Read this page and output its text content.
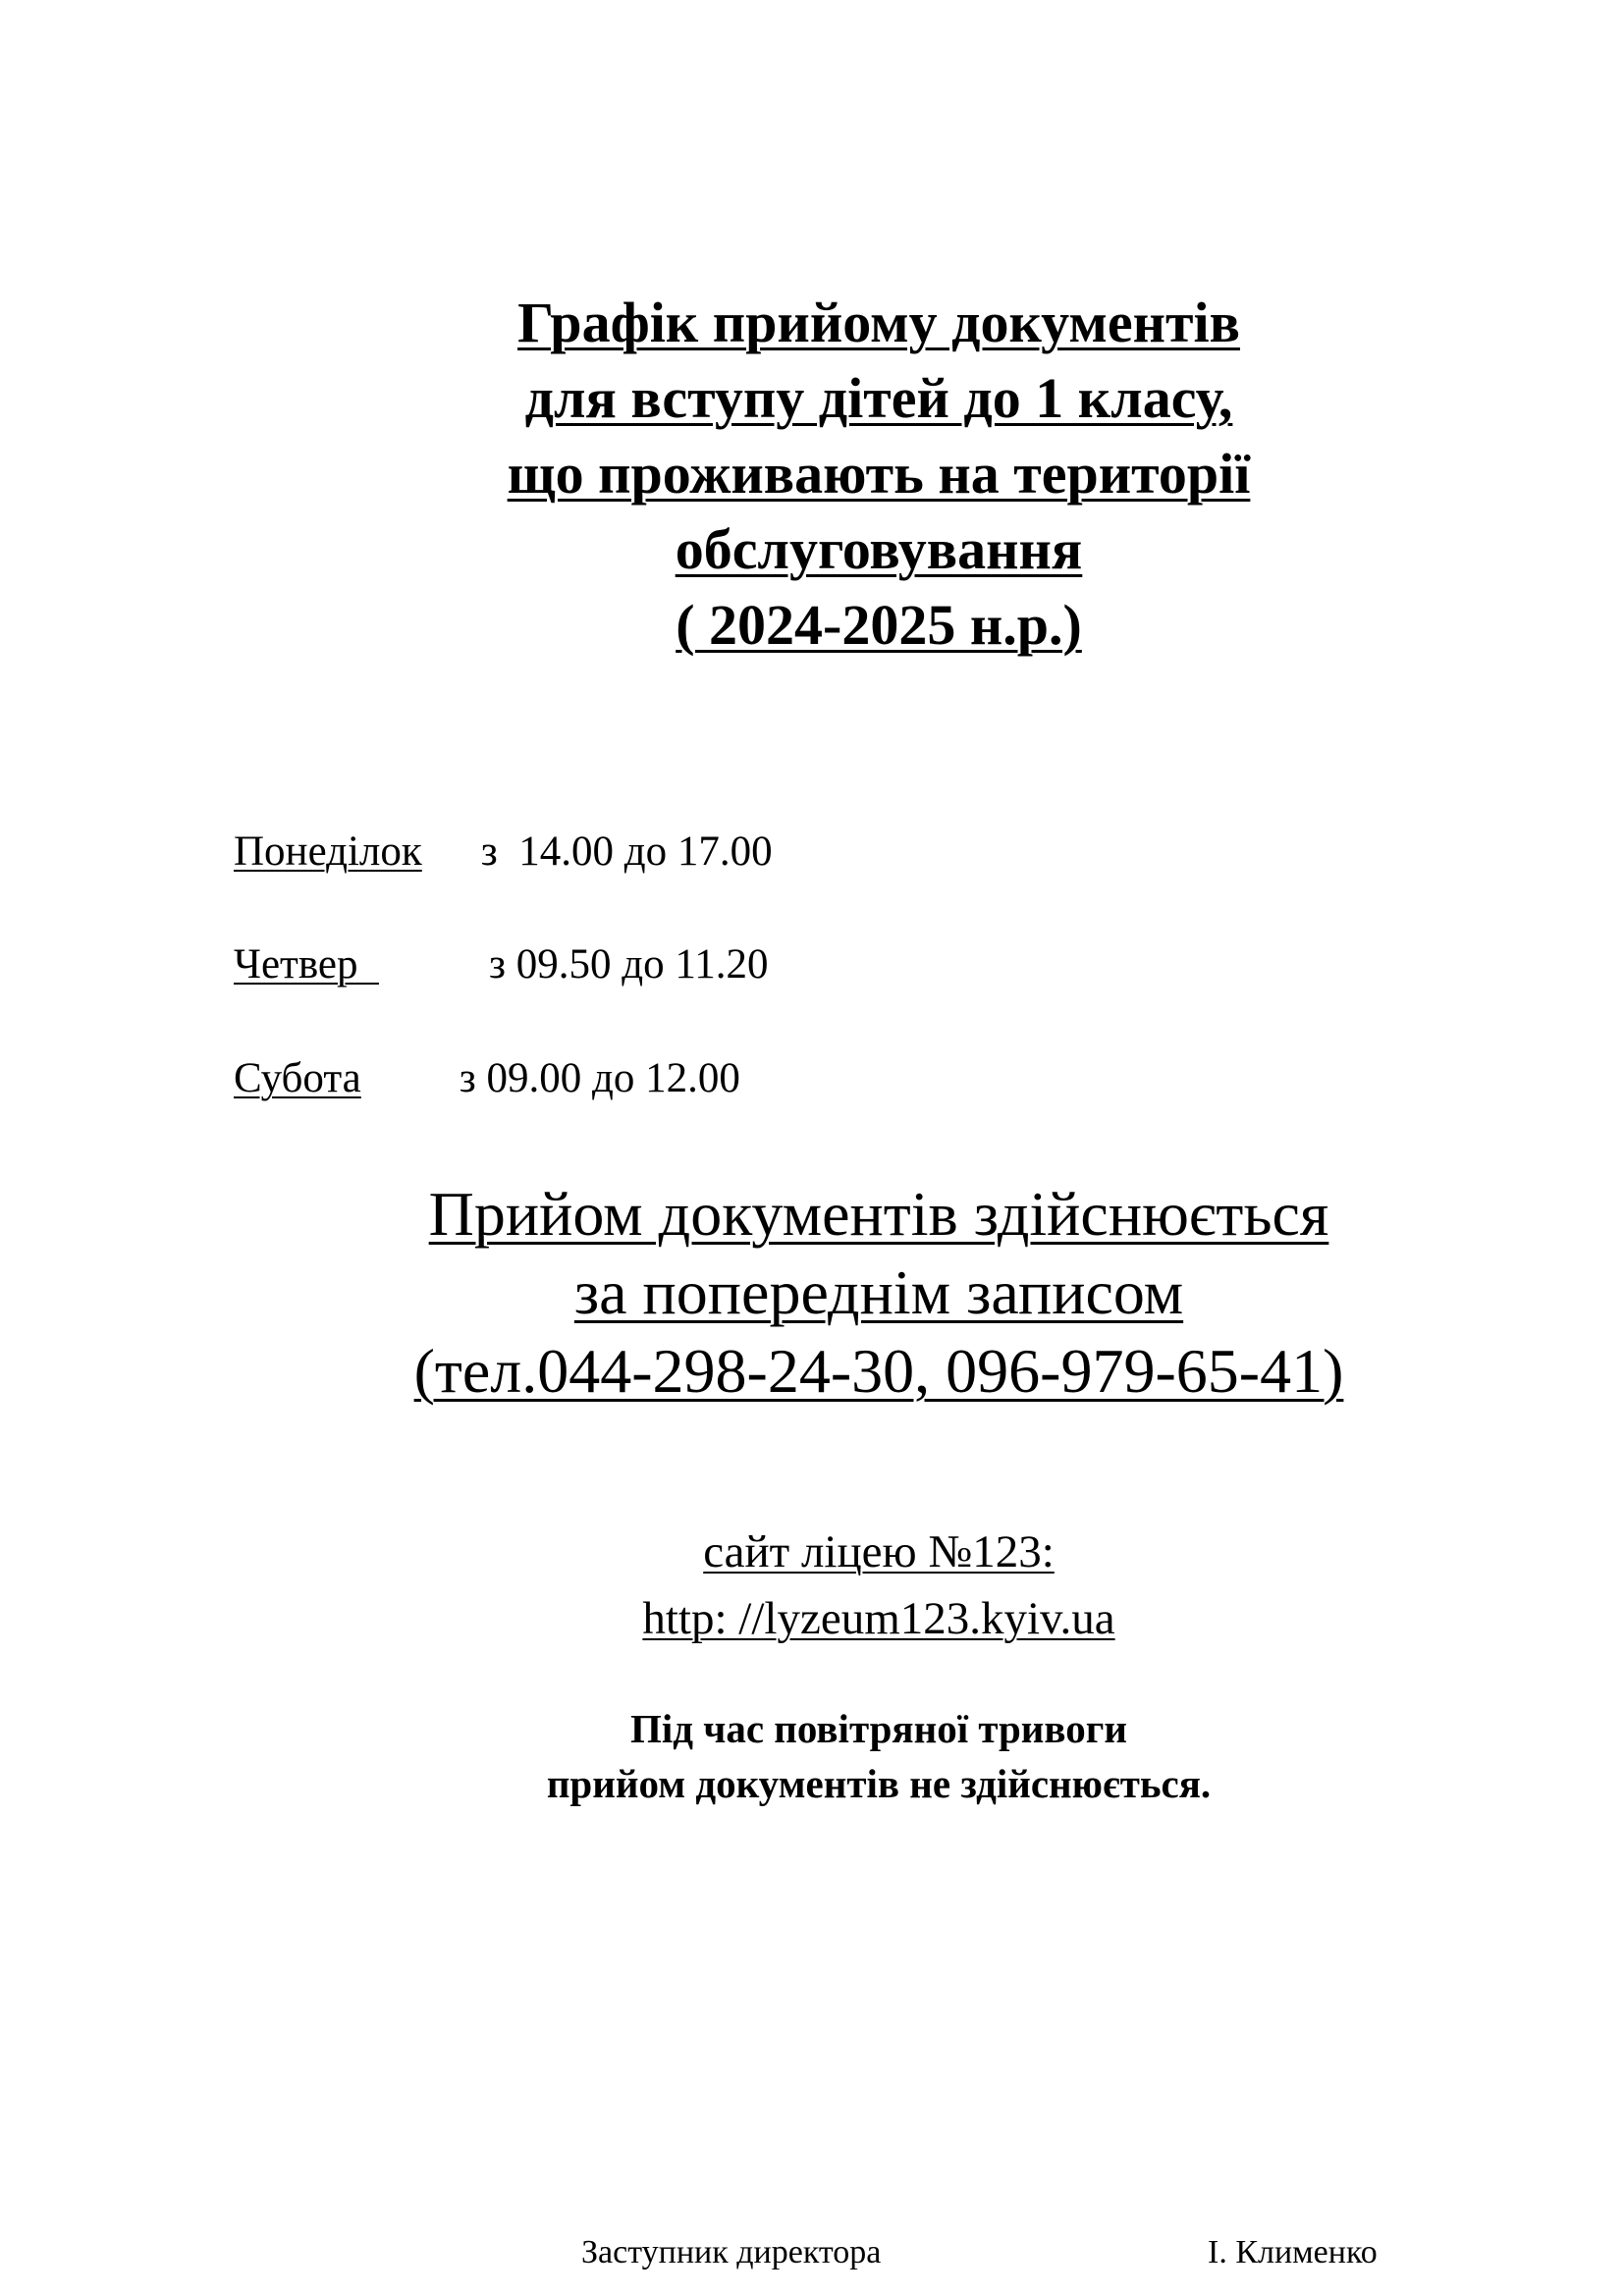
Графік прийому документів
для вступу дітей до 1 класу,
що проживають на території
обслуговування
( 2024-2025 н.р.)
Понеділок з  14.00 до 17.00
Четвер	з 09.50 до 11.20
Субота з 09.00 до 12.00
Прийом документів здійснюється
за попереднім записом
(тел.044-298-24-30, 096-979-65-41)
сайт ліцею №123:
http: //lyzeum123.kyiv.ua
Під час повітряної тривоги
прийом документів не здійснюється.
Заступник директора	І. Клименко
